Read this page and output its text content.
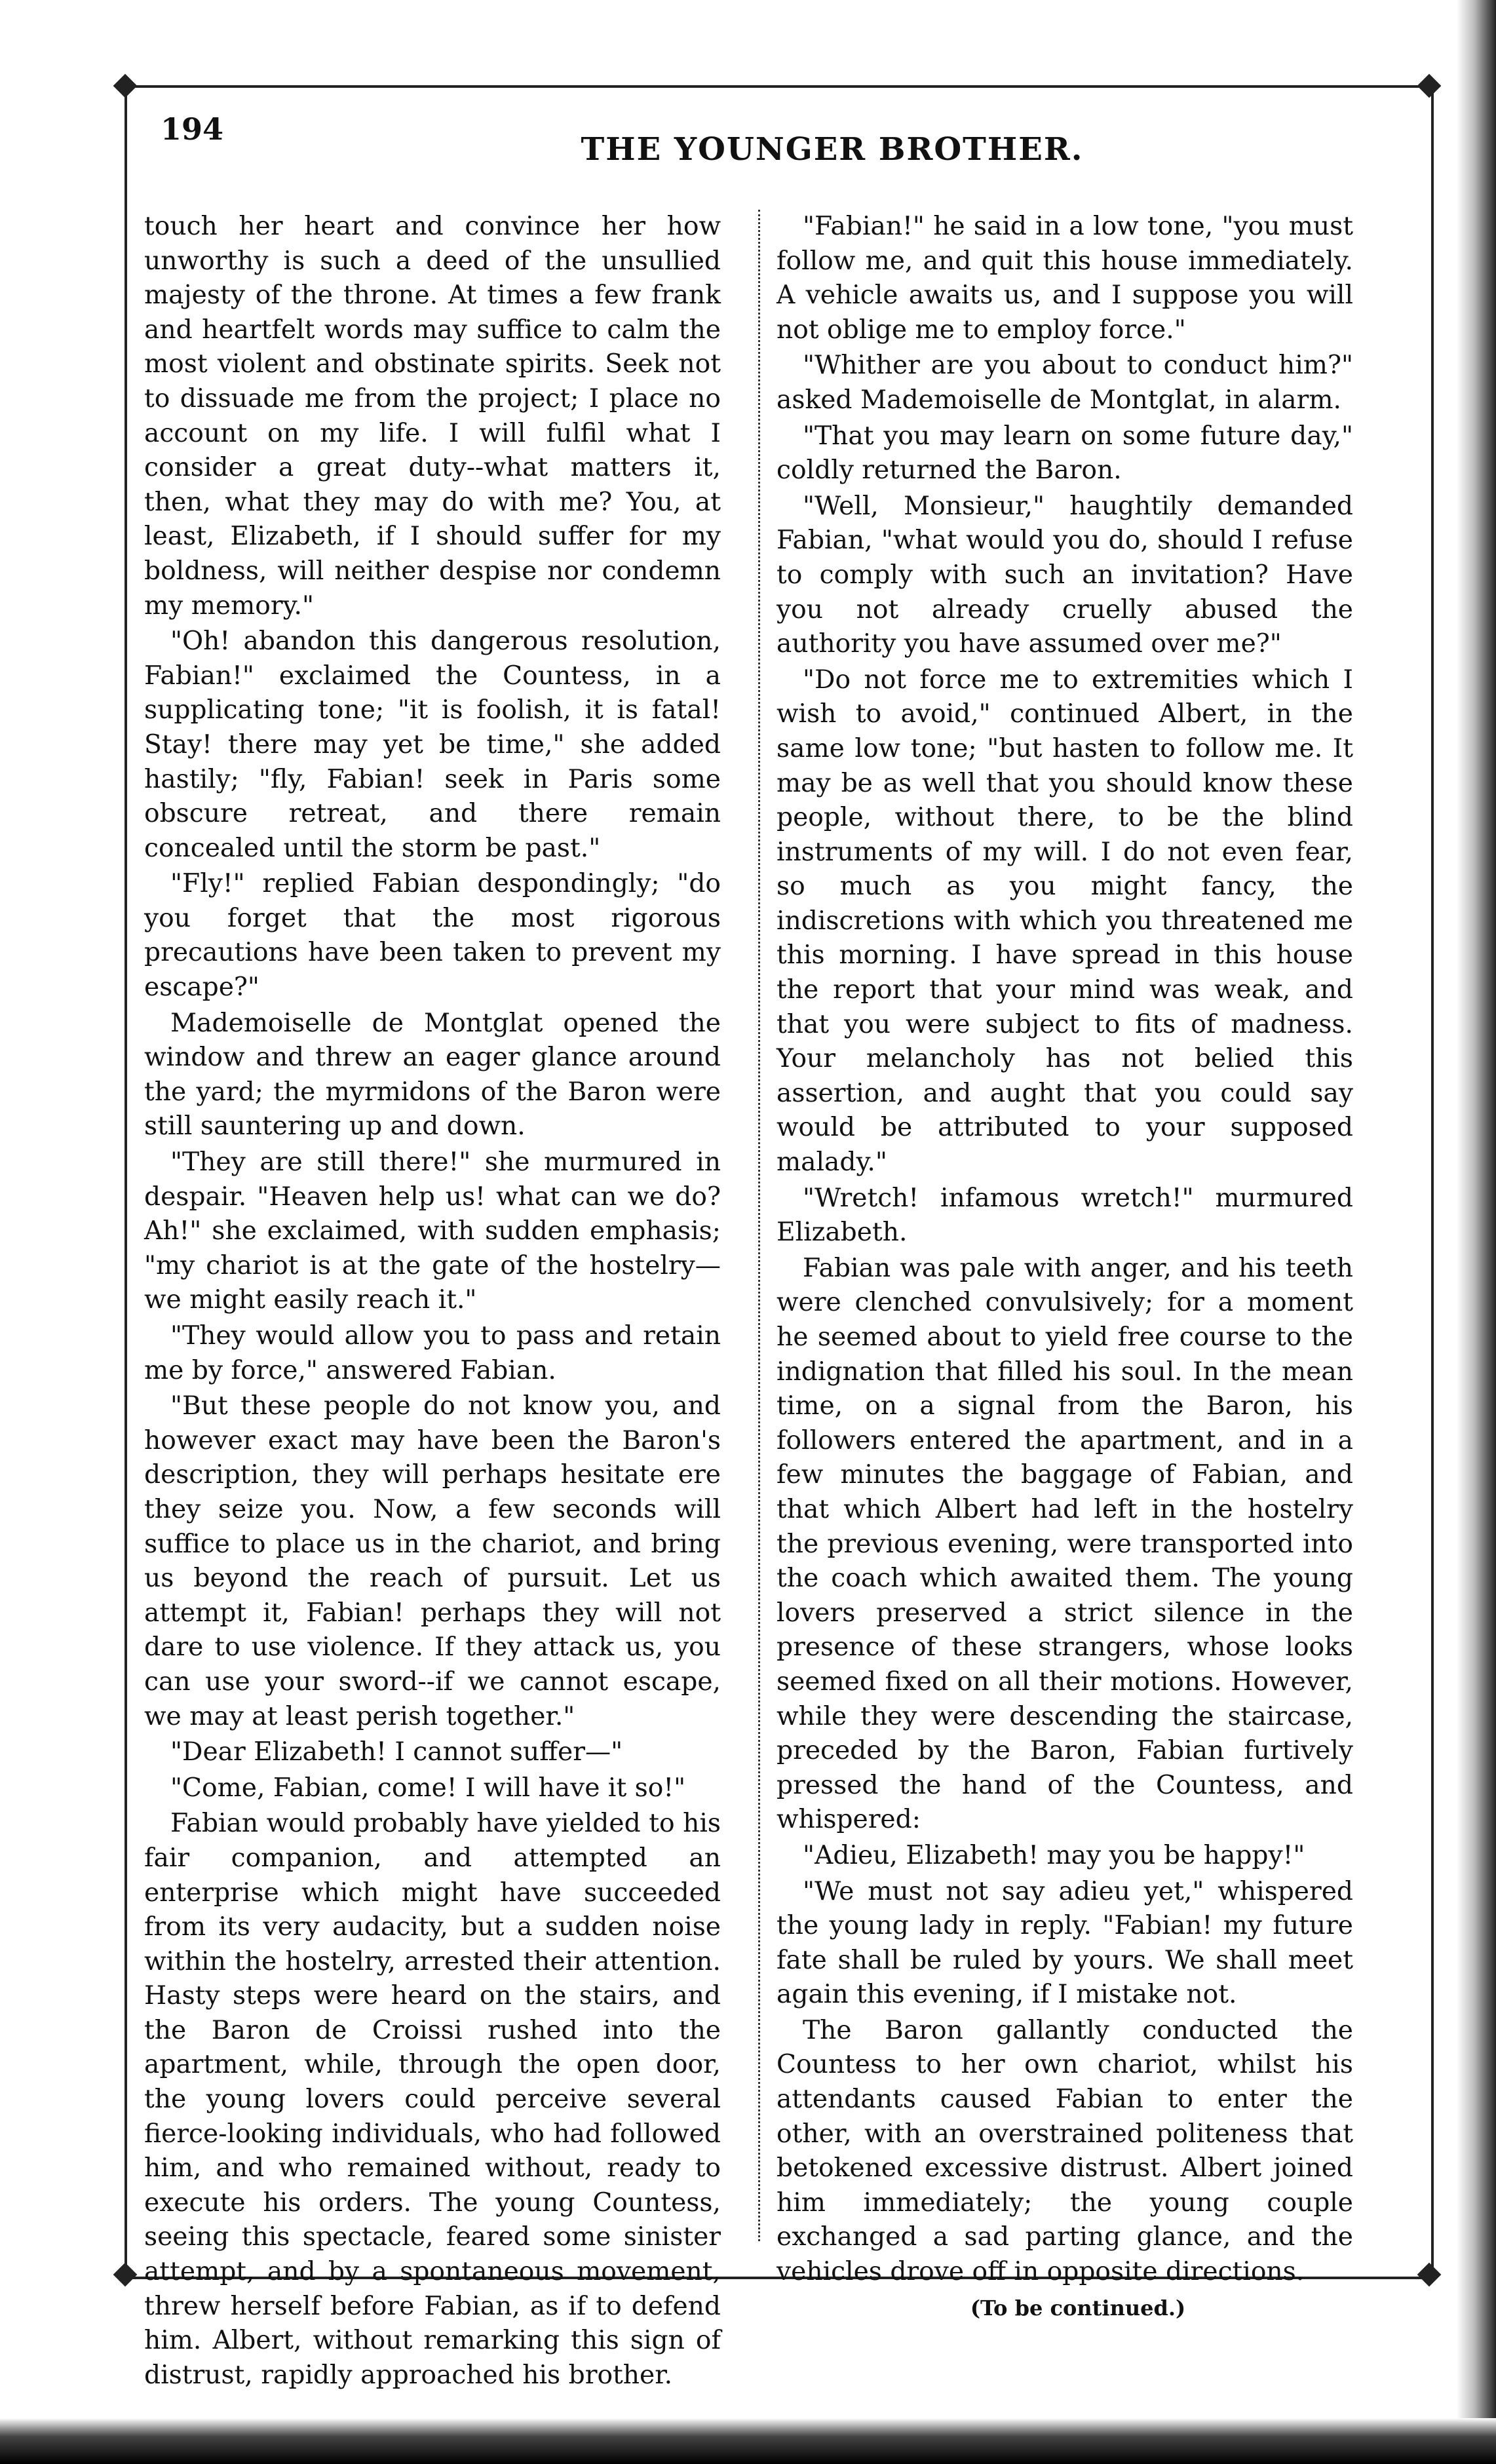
194
THE YOUNGER BROTHER.

touch her heart and convince her how unworthy is such a deed of the unsullied majesty of the throne. At times a few frank and heartfelt words may suffice to calm the most violent and obstinate spirits. Seek not to dissuade me from the project; I place no account on my life. I will fulfil what I consider a great duty--what matters it, then, what they may do with me? You, at least, Elizabeth, if I should suffer for my boldness, will neither despise nor condemn my memory."

"Oh! abandon this dangerous resolution, Fabian!" exclaimed the Countess, in a supplicating tone; "it is foolish, it is fatal! Stay! there may yet be time," she added hastily; "fly, Fabian! seek in Paris some obscure retreat, and there remain concealed until the storm be past."

"Fly!" replied Fabian despondingly; "do you forget that the most rigorous precautions have been taken to prevent my escape?"

Mademoiselle de Montglat opened the window and threw an eager glance around the yard; the myrmidons of the Baron were still sauntering up and down.

"They are still there!" she murmured in despair. "Heaven help us! what can we do? Ah!" she exclaimed, with sudden emphasis; "my chariot is at the gate of the hostelry—we might easily reach it."

"They would allow you to pass and retain me by force," answered Fabian.

"But these people do not know you, and however exact may have been the Baron's description, they will perhaps hesitate ere they seize you. Now, a few seconds will suffice to place us in the chariot, and bring us beyond the reach of pursuit. Let us attempt it, Fabian! perhaps they will not dare to use violence. If they attack us, you can use your sword--if we cannot escape, we may at least perish together."

"Dear Elizabeth! I cannot suffer—"

"Come, Fabian, come! I will have it so!"

Fabian would probably have yielded to his fair companion, and attempted an enterprise which might have succeeded from its very audacity, but a sudden noise within the hostelry, arrested their attention. Hasty steps were heard on the stairs, and the Baron de Croissi rushed into the apartment, while, through the open door, the young lovers could perceive several fierce-looking individuals, who had followed him, and who remained without, ready to execute his orders. The young Countess, seeing this spectacle, feared some sinister attempt, and by a spontaneous movement, threw herself before Fabian, as if to defend him. Albert, without remarking this sign of distrust, rapidly approached his brother.

"Fabian!" he said in a low tone, "you must follow me, and quit this house immediately. A vehicle awaits us, and I suppose you will not oblige me to employ force."

"Whither are you about to conduct him?" asked Mademoiselle de Montglat, in alarm.

"That you may learn on some future day," coldly returned the Baron.

"Well, Monsieur," haughtily demanded Fabian, "what would you do, should I refuse to comply with such an invitation? Have you not already cruelly abused the authority you have assumed over me?"

"Do not force me to extremities which I wish to avoid," continued Albert, in the same low tone; "but hasten to follow me. It may be as well that you should know these people, without there, to be the blind instruments of my will. I do not even fear, so much as you might fancy, the indiscretions with which you threatened me this morning. I have spread in this house the report that your mind was weak, and that you were subject to fits of madness. Your melancholy has not belied this assertion, and aught that you could say would be attributed to your supposed malady."

"Wretch! infamous wretch!" murmured Elizabeth.

Fabian was pale with anger, and his teeth were clenched convulsively; for a moment he seemed about to yield free course to the indignation that filled his soul. In the mean time, on a signal from the Baron, his followers entered the apartment, and in a few minutes the baggage of Fabian, and that which Albert had left in the hostelry the previous evening, were transported into the coach which awaited them. The young lovers preserved a strict silence in the presence of these strangers, whose looks seemed fixed on all their motions. However, while they were descending the staircase, preceded by the Baron, Fabian furtively pressed the hand of the Countess, and whispered:

"Adieu, Elizabeth! may you be happy!"

"We must not say adieu yet," whispered the young lady in reply. "Fabian! my future fate shall be ruled by yours. We shall meet again this evening, if I mistake not.

The Baron gallantly conducted the Countess to her own chariot, whilst his attendants caused Fabian to enter the other, with an overstrained politeness that betokened excessive distrust. Albert joined him immediately; the young couple exchanged a sad parting glance, and the vehicles drove off in opposite directions.

(To be continued.)
